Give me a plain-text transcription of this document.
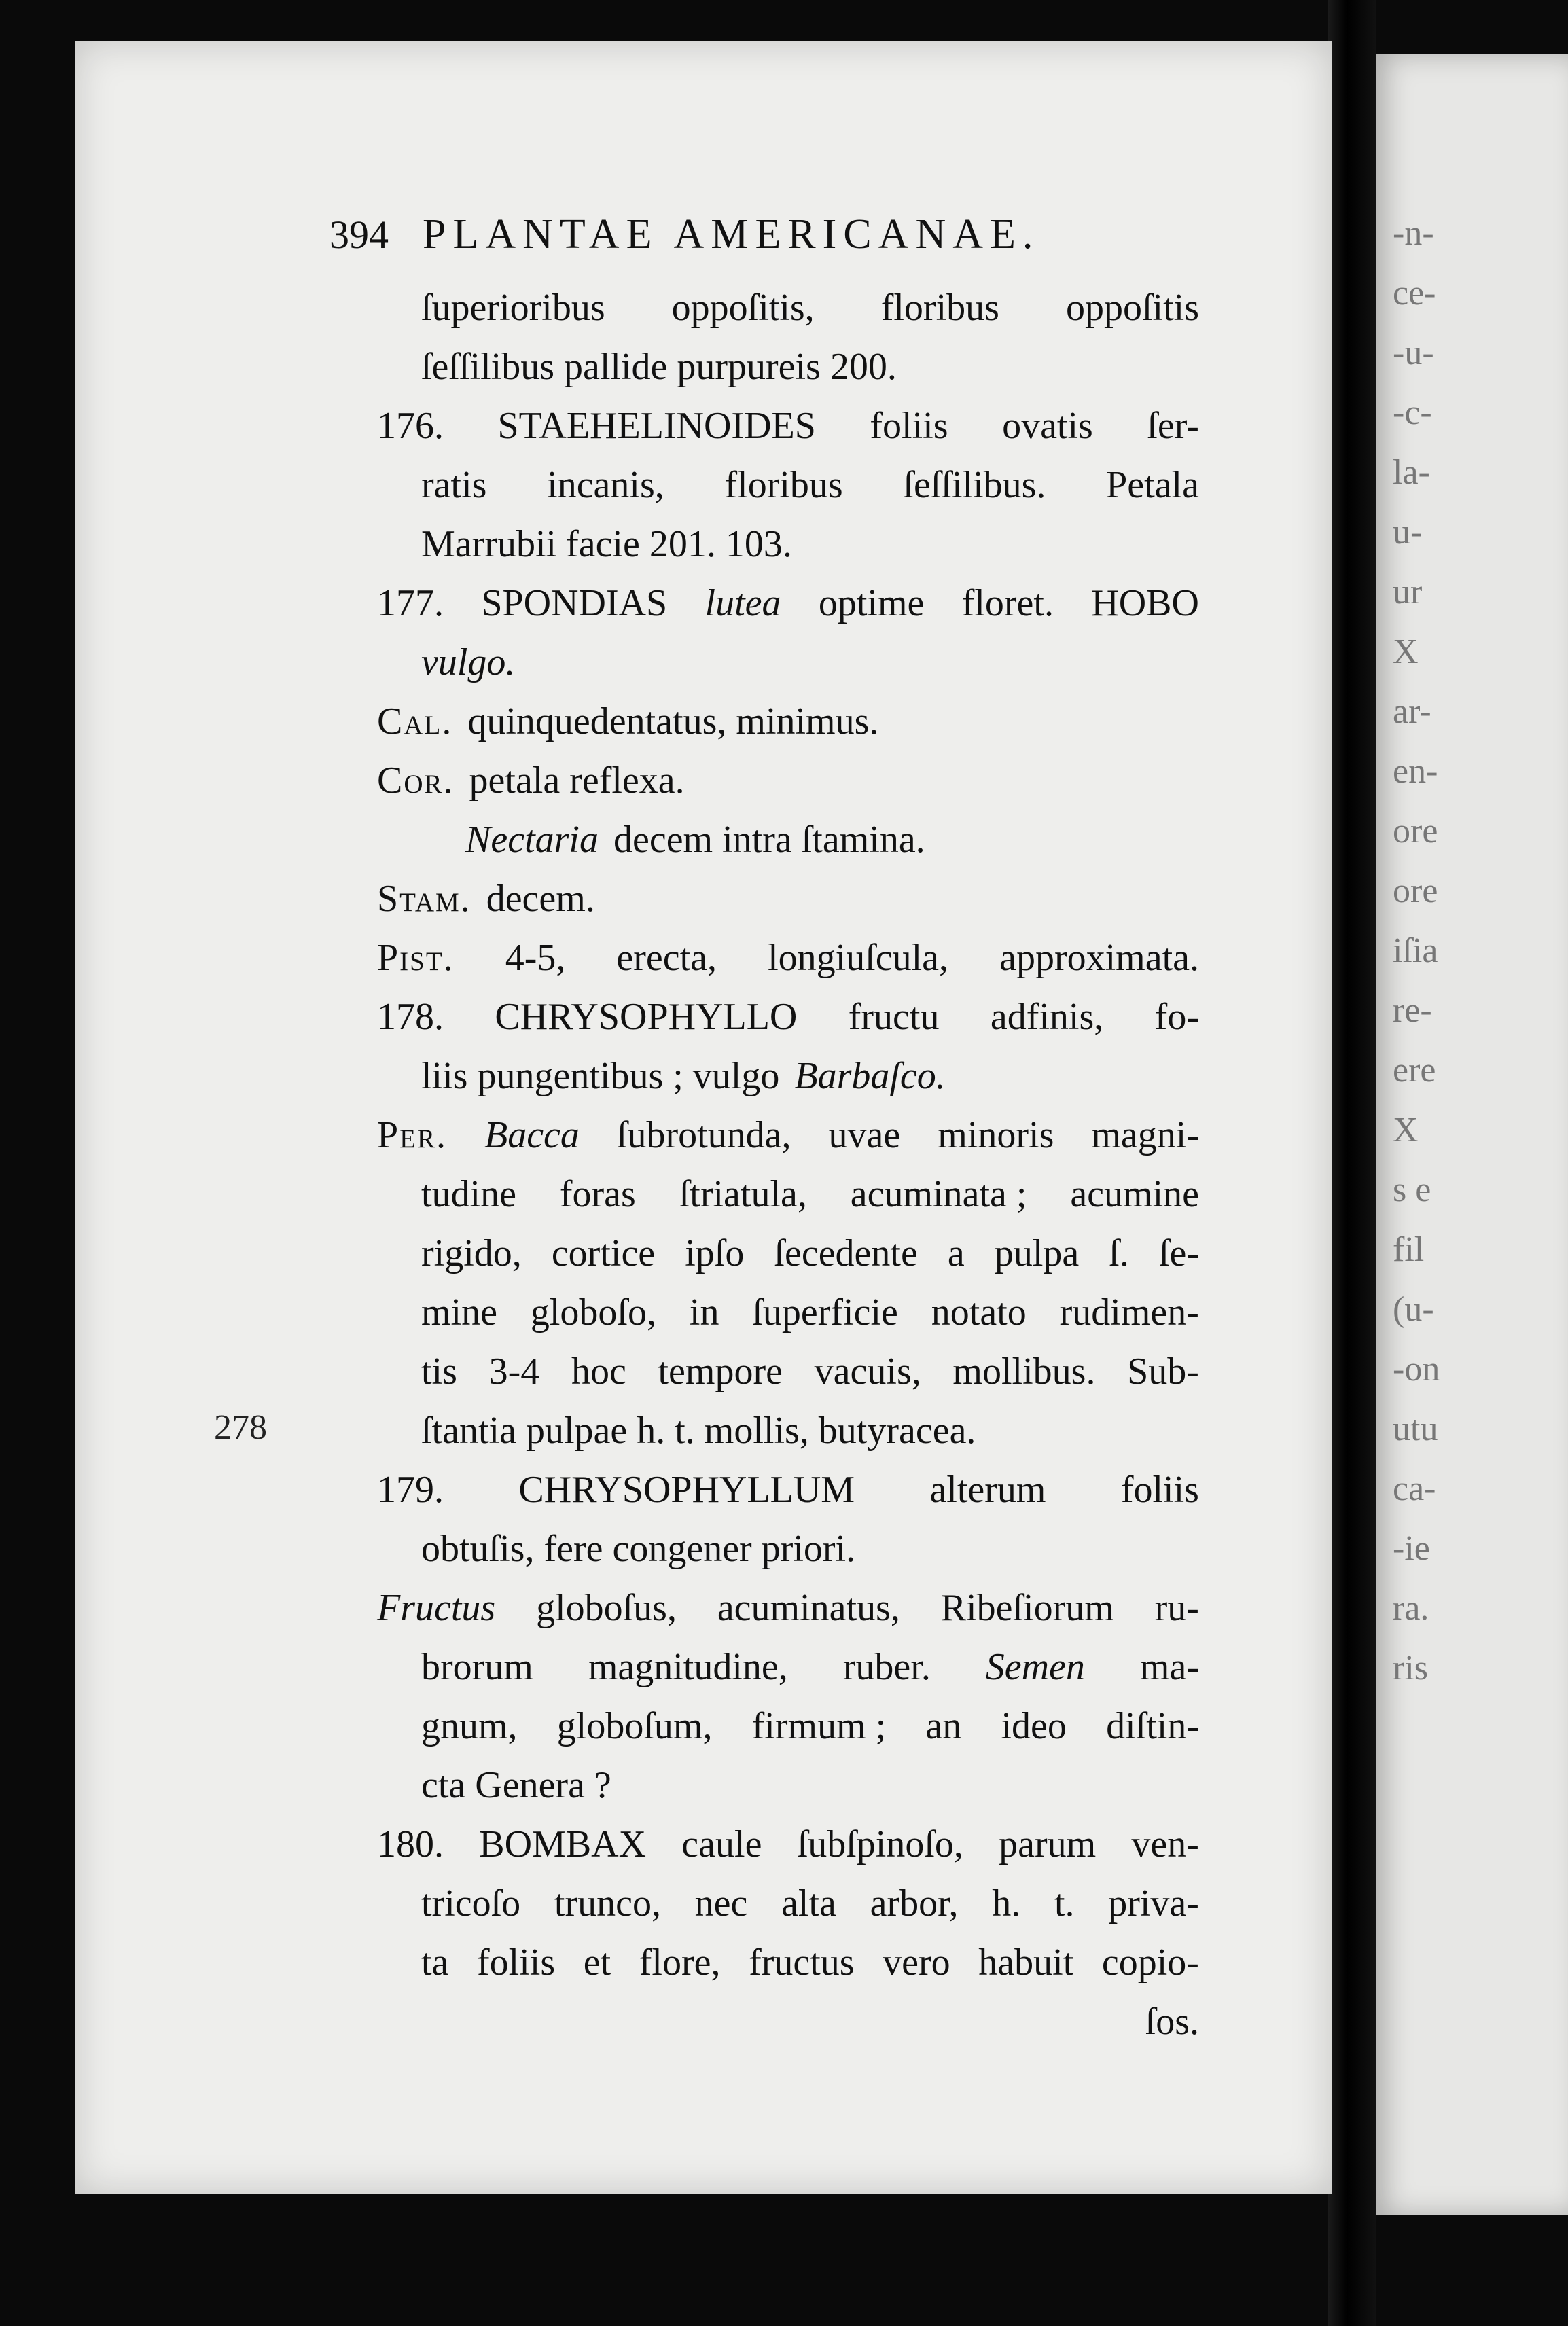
-n-
ce-
-u-
-c-
la-
u-
ur
X
ar-
en-
ore
ore
iſia
re-
ere
X
s e
fil
(u-
-on
utu
ca-
-ie
ra.
ris
394 PLANTAE AMERICANAE.
ſuperioribus oppoſitis, floribus oppoſitis
ſeſſilibus pallide purpureis 200.
176. STAEHELINOIDES foliis ovatis ſer-
ratis incanis, floribus ſeſſilibus. Petala
Marrubii facie 201. 103.
177. SPONDIAS lutea optime floret. HOBO
vulgo.
Cal. quinquedentatus, minimus.
Cor. petala reflexa.
Nectaria decem intra ſtamina.
Stam. decem.
Pist. 4-5, erecta, longiuſcula, approximata.
178. CHRYSOPHYLLO fructu adfinis, fo-
liis pungentibus ; vulgo Barbaſco.
Per. Bacca ſubrotunda, uvae minoris magni-
tudine foras ſtriatula, acuminata ; acumine
rigido, cortice ipſo ſecedente a pulpa ſ. ſe-
mine globoſo, in ſuperficie notato rudimen-
tis 3-4 hoc tempore vacuis, mollibus. Sub-
ſtantia pulpae h. t. mollis, butyracea.
179. CHRYSOPHYLLUM alterum foliis
obtuſis, fere congener priori.
Fructus globoſus, acuminatus, Ribeſiorum ru-
brorum magnitudine, ruber. Semen ma-
gnum, globoſum, firmum ; an ideo diſtin-
cta Genera ?
180. BOMBAX caule ſubſpinoſo, parum ven-
tricoſo trunco, nec alta arbor, h. t. priva-
ta foliis et flore, fructus vero habuit copio-
ſos.
278
